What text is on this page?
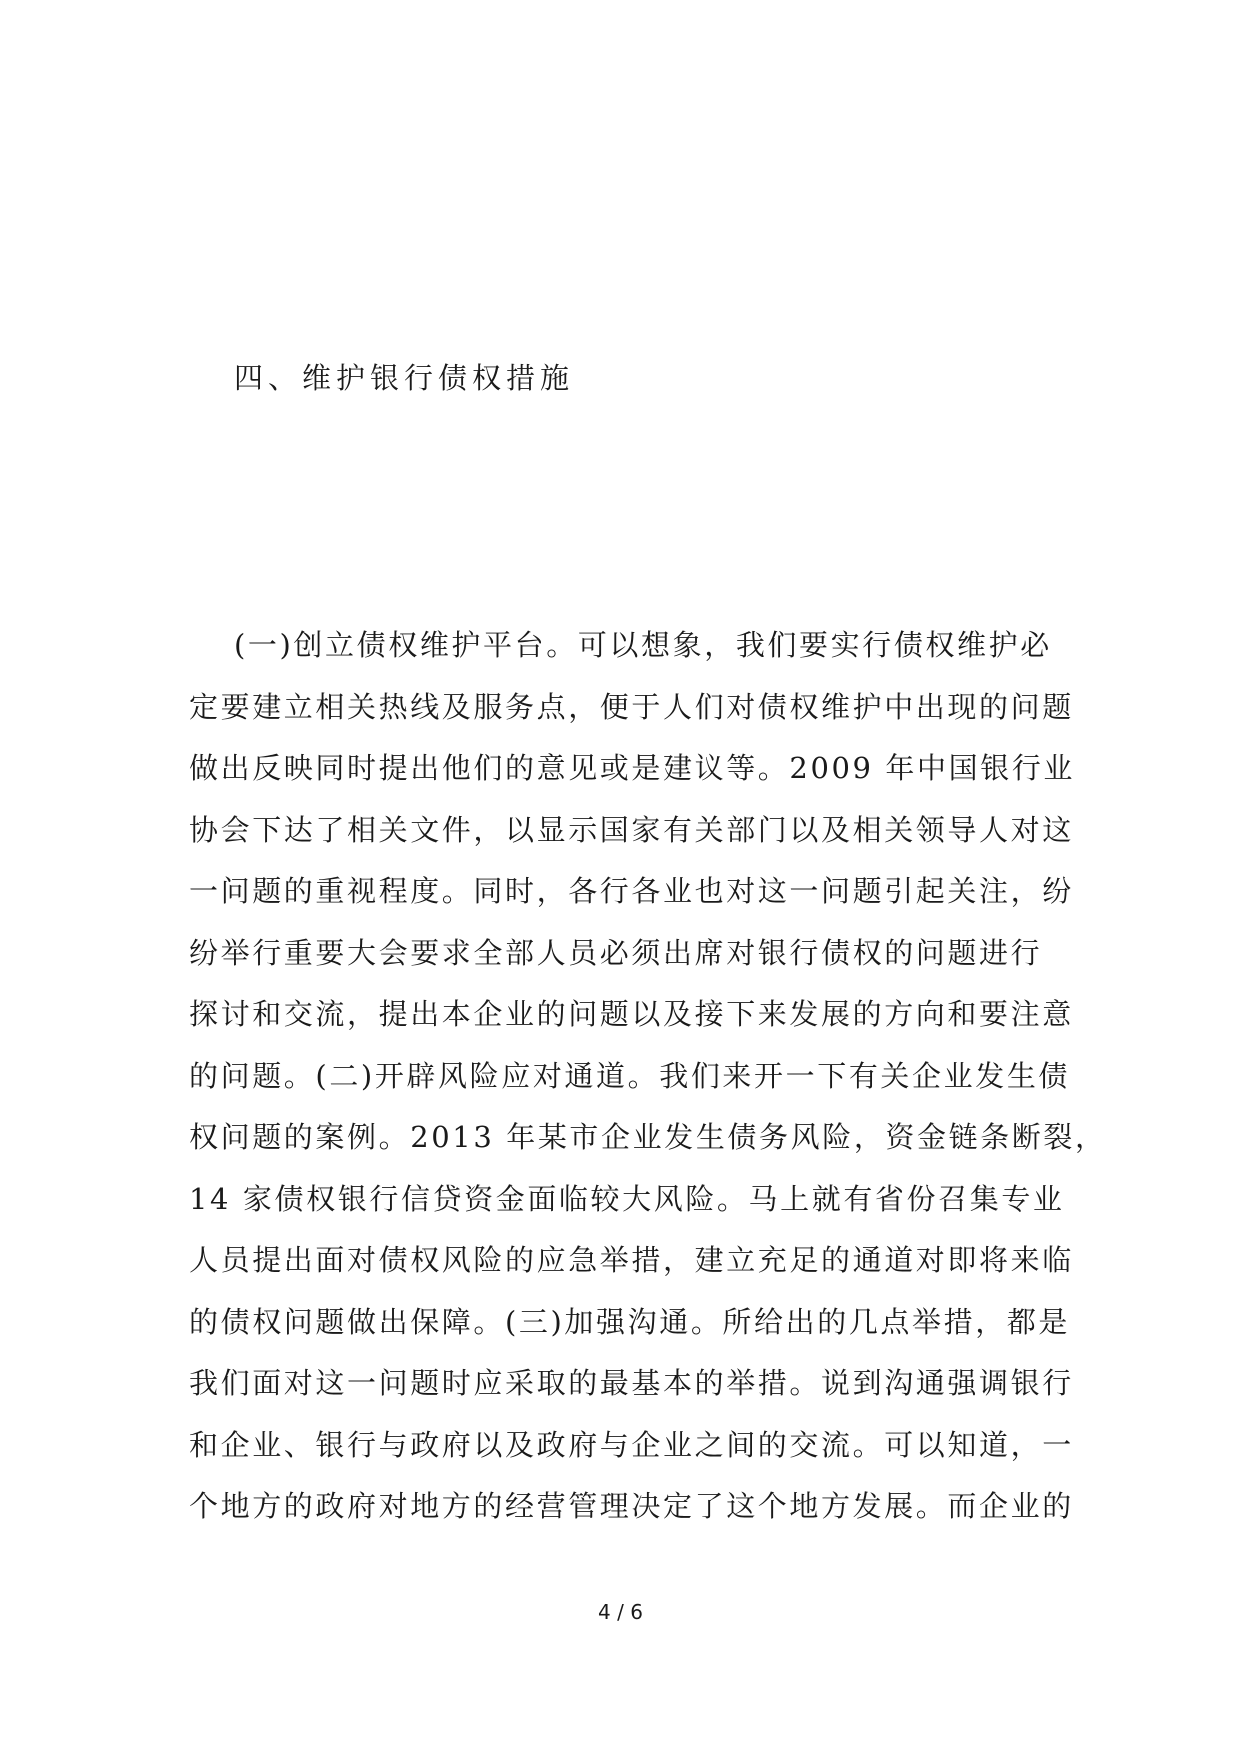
四、维护银行债权措施
(一)创立债权维护平台。可以想象，我们要实行债权维护必
定要建立相关热线及服务点，便于人们对债权维护中出现的问题
做出反映同时提出他们的意见或是建议等。2009 年中国银行业
协会下达了相关文件，以显示国家有关部门以及相关领导人对这
一问题的重视程度。同时，各行各业也对这一问题引起关注，纷
纷举行重要大会要求全部人员必须出席对银行债权的问题进行
探讨和交流，提出本企业的问题以及接下来发展的方向和要注意
的问题。(二)开辟风险应对通道。我们来开一下有关企业发生债
权问题的案例。2013 年某市企业发生债务风险，资金链条断裂，
14 家债权银行信贷资金面临较大风险。马上就有省份召集专业
人员提出面对债权风险的应急举措，建立充足的通道对即将来临
的债权问题做出保障。(三)加强沟通。所给出的几点举措，都是
我们面对这一问题时应采取的最基本的举措。说到沟通强调银行
和企业、银行与政府以及政府与企业之间的交流。可以知道，一
个地方的政府对地方的经营管理决定了这个地方发展。而企业的
4 / 6
